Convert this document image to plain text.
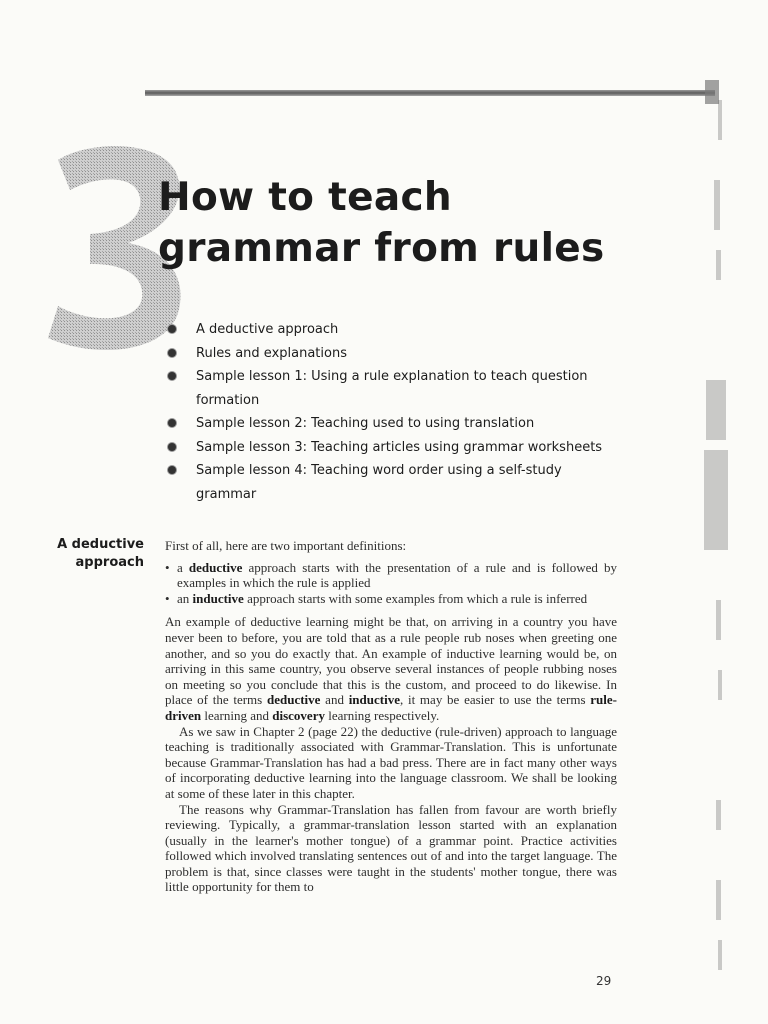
How to teach
grammar from rules
A deductive approach
Rules and explanations
Sample lesson 1: Using a rule explanation to teach question formation
Sample lesson 2: Teaching used to using translation
Sample lesson 3: Teaching articles using grammar worksheets
Sample lesson 4: Teaching word order using a self-study grammar
A deductive
approach

First of all, here are two important definitions:

• a deductive approach starts with the presentation of a rule and is followed by examples in which the rule is applied
• an inductive approach starts with some examples from which a rule is inferred

An example of deductive learning might be that, on arriving in a country you have never been to before, you are told that as a rule people rub noses when greeting one another, and so you do exactly that. An example of inductive learning would be, on arriving in this same country, you observe several instances of people rubbing noses on meeting so you conclude that this is the custom, and proceed to do likewise. In place of the terms deductive and inductive, it may be easier to use the terms rule-driven learning and discovery learning respectively.

As we saw in Chapter 2 (page 22) the deductive (rule-driven) approach to language teaching is traditionally associated with Grammar-Translation. This is unfortunate because Grammar-Translation has had a bad press. There are in fact many other ways of incorporating deductive learning into the language classroom. We shall be looking at some of these later in this chapter.

The reasons why Grammar-Translation has fallen from favour are worth briefly reviewing. Typically, a grammar-translation lesson started with an explanation (usually in the learner's mother tongue) of a grammar point. Practice activities followed which involved translating sentences out of and into the target language. The problem is that, since classes were taught in the students' mother tongue, there was little opportunity for them to

29
